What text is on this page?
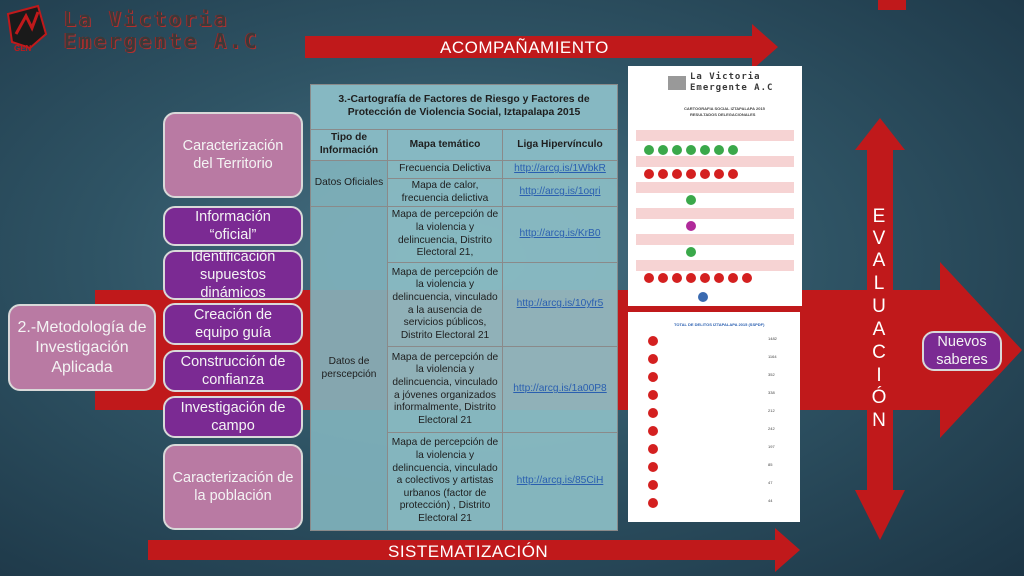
GEN
La Victoria
Emergente A.C	ACOMPAÑAMIENTO
SISTEMATIZACIÓN
2.-Metodología de Investigación Aplicada
Caracterización del Territorio
Información “oficial”
Identificación supuestos dinámicos
Creación de equipo guía
Construcción de confianza
Investigación de campo
Caracterización de la población
Nuevos saberes
E
V
A
L
U
A
C
I
Ó
N
3.-Cartografía de Factores de Riesgo y Factores de Protección de Violencia Social, Iztapalapa 2015		
Tipo de Información	Mapa temático	Liga Hipervínculo
Datos Oficiales	Frecuencia Delictiva	http://arcg.is/1WbkR
	Mapa de calor, frecuencia delictiva	http://arcg.is/1oqri
Datos de perscepción	Mapa de percepción de la violencia y delincuencia, Distrito Electoral 21,	http://arcg.is/KrB0
	Mapa de percepción de la violencia y delincuencia, vinculado a la ausencia de servicios públicos, Distrito Electoral 21	http://arcg.is/10yfr5
	Mapa de percepción de la violencia y delincuencia, vinculado a jóvenes organizados informalmente, Distrito Electoral 21	http://arcg.is/1a00P8
	Mapa de percepción de la violencia y delincuencia, vinculado a colectivos y artistas urbanos (factor de protección) , Distrito Electoral 21	http://arcg.is/85CiH
La Victoria
Emergente A.C
CARTOGRAFIA SOCIAL IZTAPALAPA 2015
RESULTADOS DELEGACIONALES
TOTAL DE DELITOS IZTAPALAPA 2015 (SSPDF)
1482
1164
352
338
212
242
197
85
47
44
